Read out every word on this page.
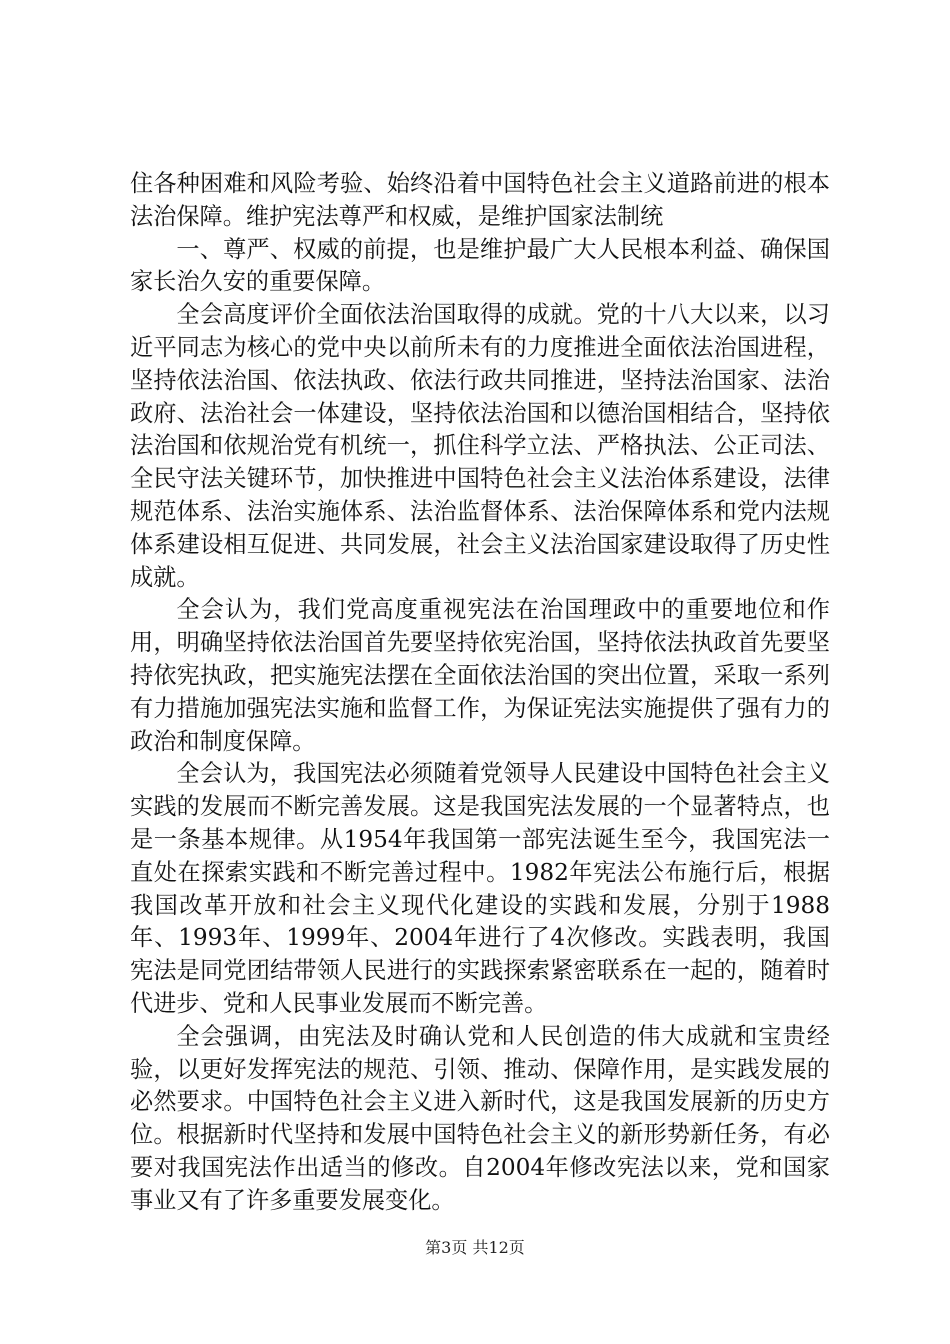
住各种困难和风险考验、始终沿着中国特色社会主义道路前进的根本法治保障。维护宪法尊严和权威，是维护国家法制统

一、尊严、权威的前提，也是维护最广大人民根本利益、确保国家长治久安的重要保障。

全会高度评价全面依法治国取得的成就。党的十八大以来，以习近平同志为核心的党中央以前所未有的力度推进全面依法治国进程，坚持依法治国、依法执政、依法行政共同推进，坚持法治国家、法治政府、法治社会一体建设，坚持依法治国和以德治国相结合，坚持依法治国和依规治党有机统一，抓住科学立法、严格执法、公正司法、全民守法关键环节，加快推进中国特色社会主义法治体系建设，法律规范体系、法治实施体系、法治监督体系、法治保障体系和党内法规体系建设相互促进、共同发展，社会主义法治国家建设取得了历史性成就。

全会认为，我们党高度重视宪法在治国理政中的重要地位和作用，明确坚持依法治国首先要坚持依宪治国，坚持依法执政首先要坚持依宪执政，把实施宪法摆在全面依法治国的突出位置，采取一系列有力措施加强宪法实施和监督工作，为保证宪法实施提供了强有力的政治和制度保障。

全会认为，我国宪法必须随着党领导人民建设中国特色社会主义实践的发展而不断完善发展。这是我国宪法发展的一个显著特点，也是一条基本规律。从1954年我国第一部宪法诞生至今，我国宪法一直处在探索实践和不断完善过程中。1982年宪法公布施行后，根据我国改革开放和社会主义现代化建设的实践和发展，分别于1988年、1993年、1999年、2004年进行了4次修改。实践表明，我国宪法是同党团结带领人民进行的实践探索紧密联系在一起的，随着时代进步、党和人民事业发展而不断完善。

全会强调，由宪法及时确认党和人民创造的伟大成就和宝贵经验，以更好发挥宪法的规范、引领、推动、保障作用，是实践发展的必然要求。中国特色社会主义进入新时代，这是我国发展新的历史方位。根据新时代坚持和发展中国特色社会主义的新形势新任务，有必要对我国宪法作出适当的修改。自2004年修改宪法以来，党和国家事业又有了许多重要发展变化。

第3页 共12页
